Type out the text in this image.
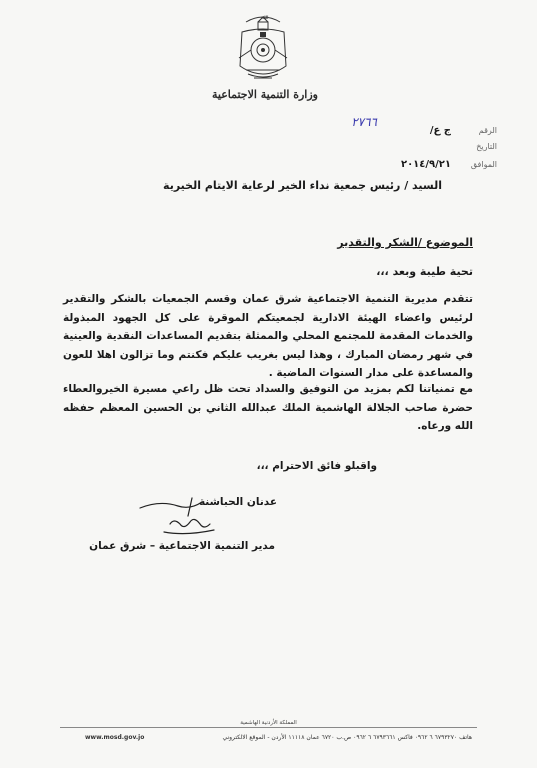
ﷲ
وزارة التنمية الاجتماعية
الرقم
ج ع/
٢٧٦٦
التاريخ
الموافق
٢٠١٤/٩/٢١
السيد / رئيس جمعية نداء الخير لرعاية الايتام الخيرية
الموضوع /الشكر والتقدير
تحية طيبة وبعد ،،،
تتقدم مديرية التنمية الاجتماعية شرق عمان وقسم الجمعيات بالشكر والتقدير لرئيس واعضاء الهيئة الادارية لجمعيتكم الموقرة على كل الجهود المبذولة والخدمات المقدمة للمجتمع المحلي والممثلة بتقديم المساعدات النقدية والعينية في شهر رمضان المبارك ، وهذا ليس بغريب عليكم فكنتم وما تزالون اهلا للعون والمساعدة على مدار السنوات الماضية .
مع تمنياتنا لكم بمزيد من التوفيق والسداد تحت ظل راعي مسيرة الخيروالعطاء حضرة صاحب الجلالة الهاشمية الملك عبدالله الثاني بن الحسين المعظم حفظه الله ورعاه.
واقبلو فائق الاحترام ،،،
عدنان الحباشنة
مدير التنمية الاجتماعية – شرق عمان
المملكة الأردنية الهاشمية
هاتف ٦٧٩٣٢٧٠ ٦ ٠٩٦٢ فاكس ٦٧٩٣٦٦١ ٦ ٠٩٦٢ ص.ب ٦٧٢٠ عمان ١١١١٨ الأردن - الموقع الالكتروني
www.mosd.gov.jo
